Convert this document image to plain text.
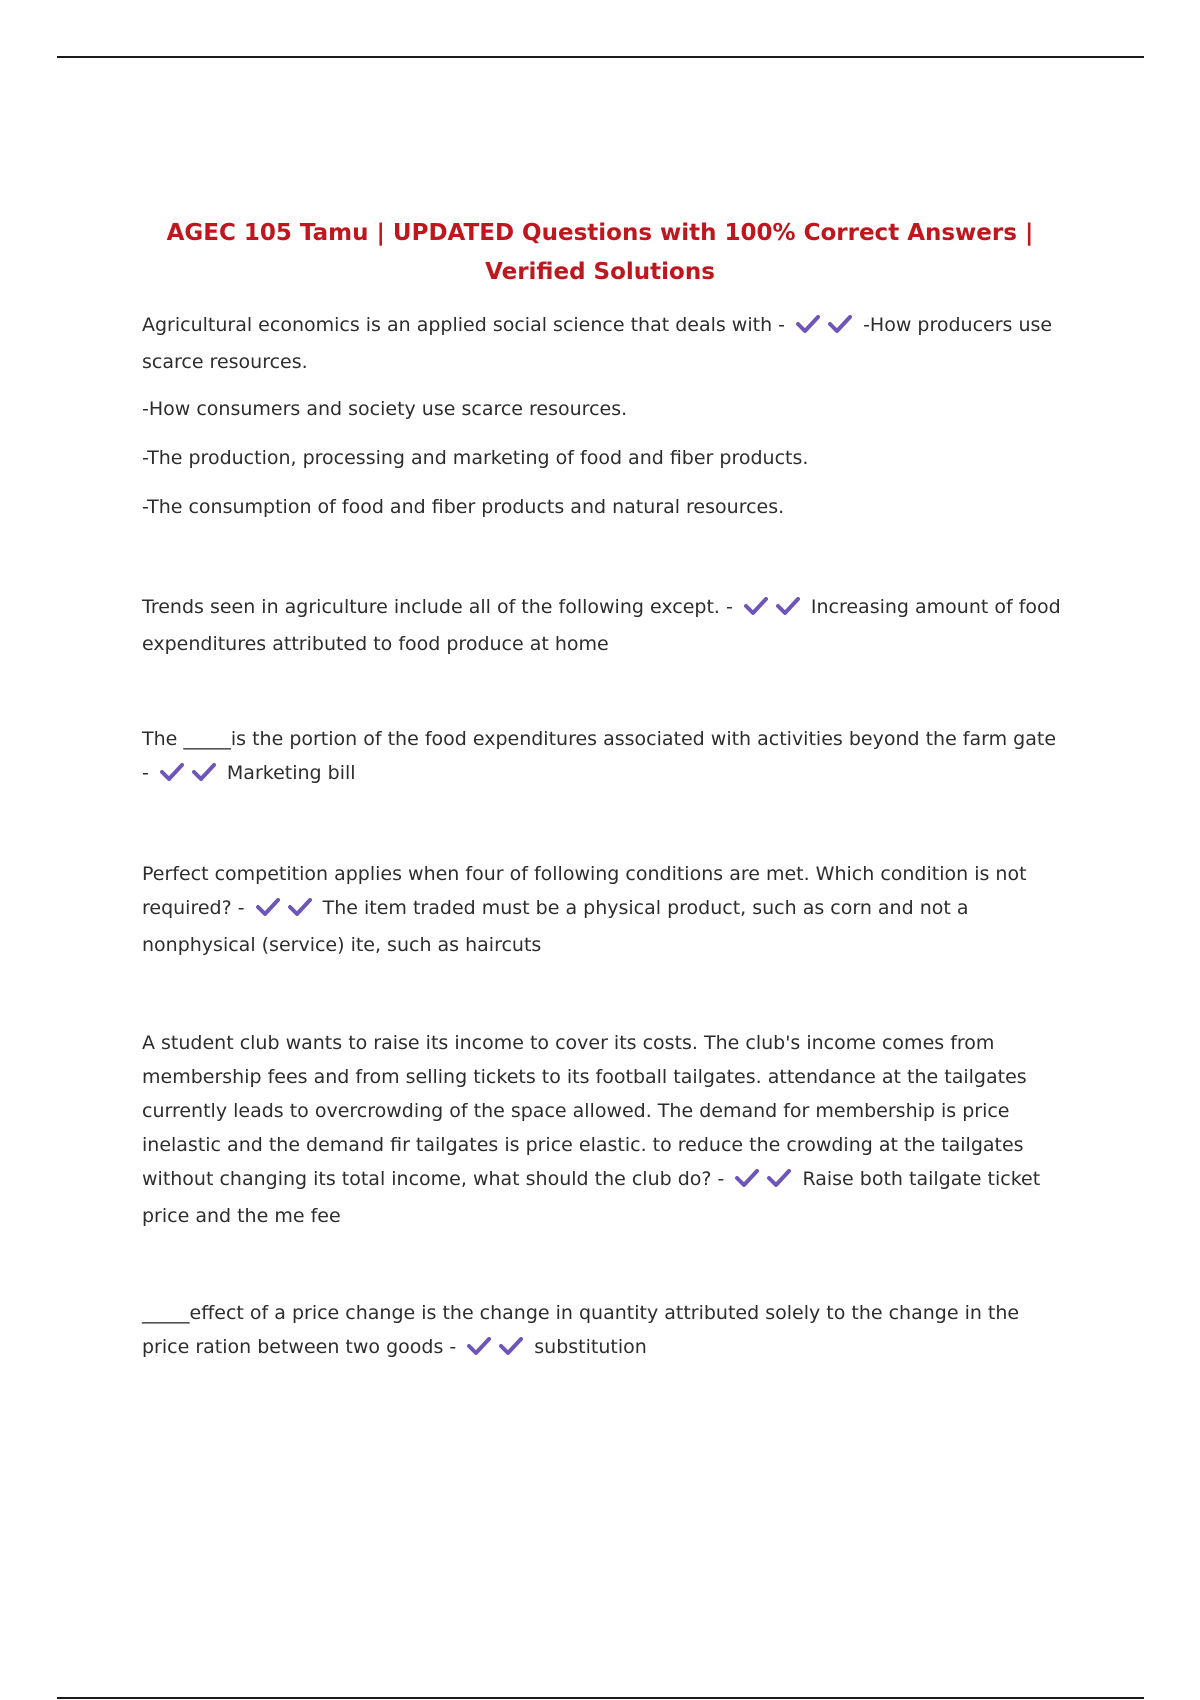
AGEC 105 Tamu | UPDATED Questions with 100% Correct Answers | Verified Solutions

Agricultural economics is an applied social science that deals with -	-How producers use scarce resources.

-How consumers and society use scarce resources.

-The production, processing and marketing of food and fiber products.

-The consumption of food and fiber products and natural resources.

Trends seen in agriculture include all of the following except. -	Increasing amount of food expenditures attributed to food produce at home

The _____is the portion of the food expenditures associated with activities beyond the farm gate -	Marketing bill

Perfect competition applies when four of following conditions are met. Which condition is not required? -	The item traded must be a physical product, such as corn and not a nonphysical (service) ite, such as haircuts

A student club wants to raise its income to cover its costs. The club's income comes from membership fees and from selling tickets to its football tailgates. attendance at the tailgates currently leads to overcrowding of the space allowed. The demand for membership is price inelastic and the demand fir tailgates is price elastic. to reduce the crowding at the tailgates without changing its total income, what should the club do? -	Raise both tailgate ticket price and the me fee

_____effect of a price change is the change in quantity attributed solely to the change in the price ration between two goods -	substitution
